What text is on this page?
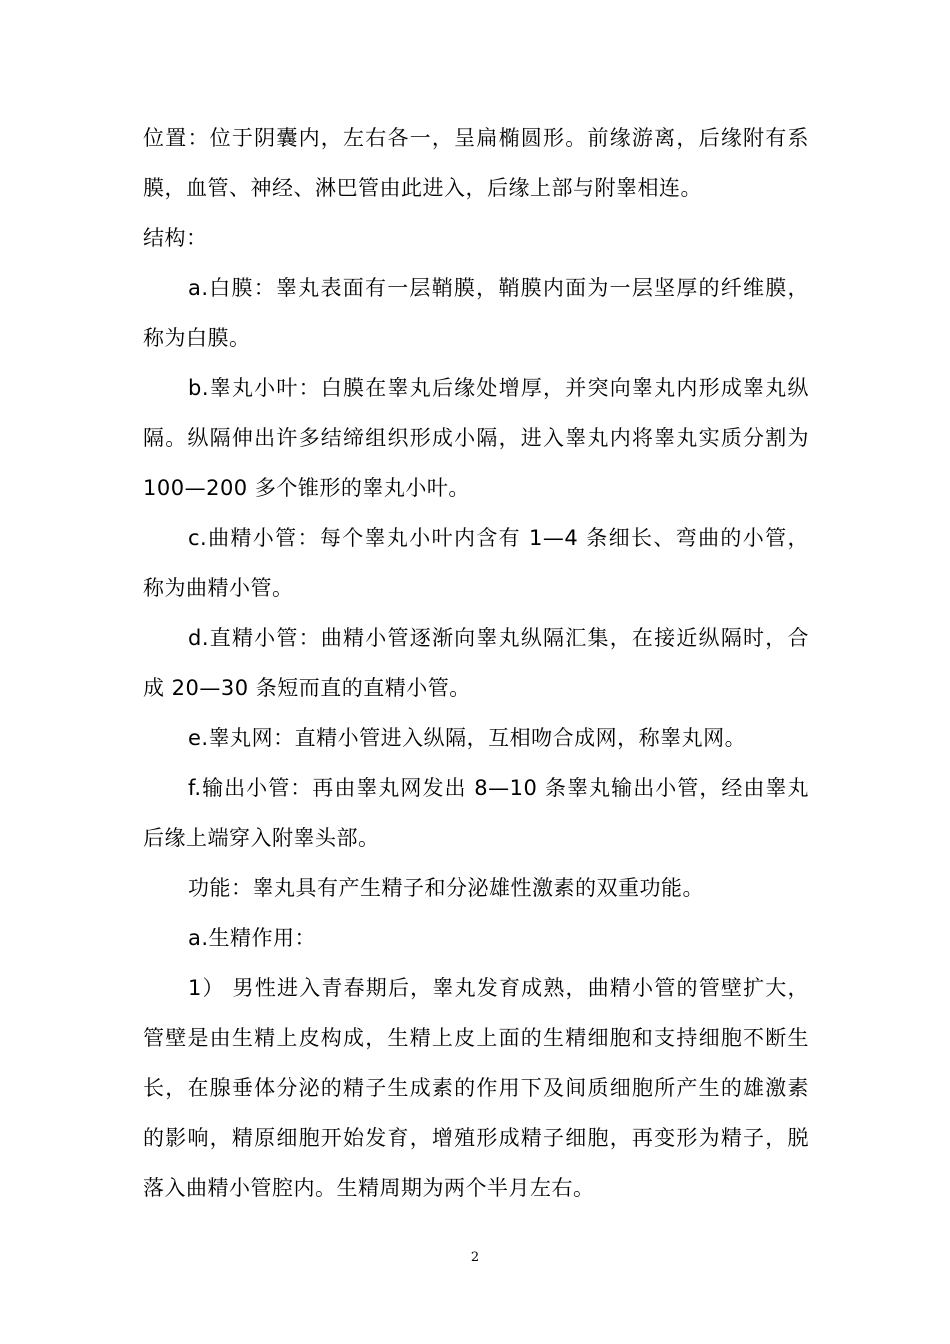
位置：位于阴囊内，左右各一，呈扁椭圆形。前缘游离，后缘附有系
膜，血管、神经、淋巴管由此进入，后缘上部与附睾相连。
结构：
a.白膜：睾丸表面有一层鞘膜，鞘膜内面为一层坚厚的纤维膜，
称为白膜。
b.睾丸小叶：白膜在睾丸后缘处增厚，并突向睾丸内形成睾丸纵
隔。纵隔伸出许多结缔组织形成小隔，进入睾丸内将睾丸实质分割为
100—200 多个锥形的睾丸小叶。
c.曲精小管：每个睾丸小叶内含有 1—4 条细长、弯曲的小管，
称为曲精小管。
d.直精小管：曲精小管逐渐向睾丸纵隔汇集，在接近纵隔时，合
成 20—30 条短而直的直精小管。
e.睾丸网：直精小管进入纵隔，互相吻合成网，称睾丸网。
f.输出小管：再由睾丸网发出 8—10 条睾丸输出小管，经由睾丸
后缘上端穿入附睾头部。
功能：睾丸具有产生精子和分泌雄性激素的双重功能。
a.生精作用：
1） 男性进入青春期后，睾丸发育成熟，曲精小管的管壁扩大，
管壁是由生精上皮构成，生精上皮上面的生精细胞和支持细胞不断生
长，在腺垂体分泌的精子生成素的作用下及间质细胞所产生的雄激素
的影响，精原细胞开始发育，增殖形成精子细胞，再变形为精子，脱
落入曲精小管腔内。生精周期为两个半月左右。
2
